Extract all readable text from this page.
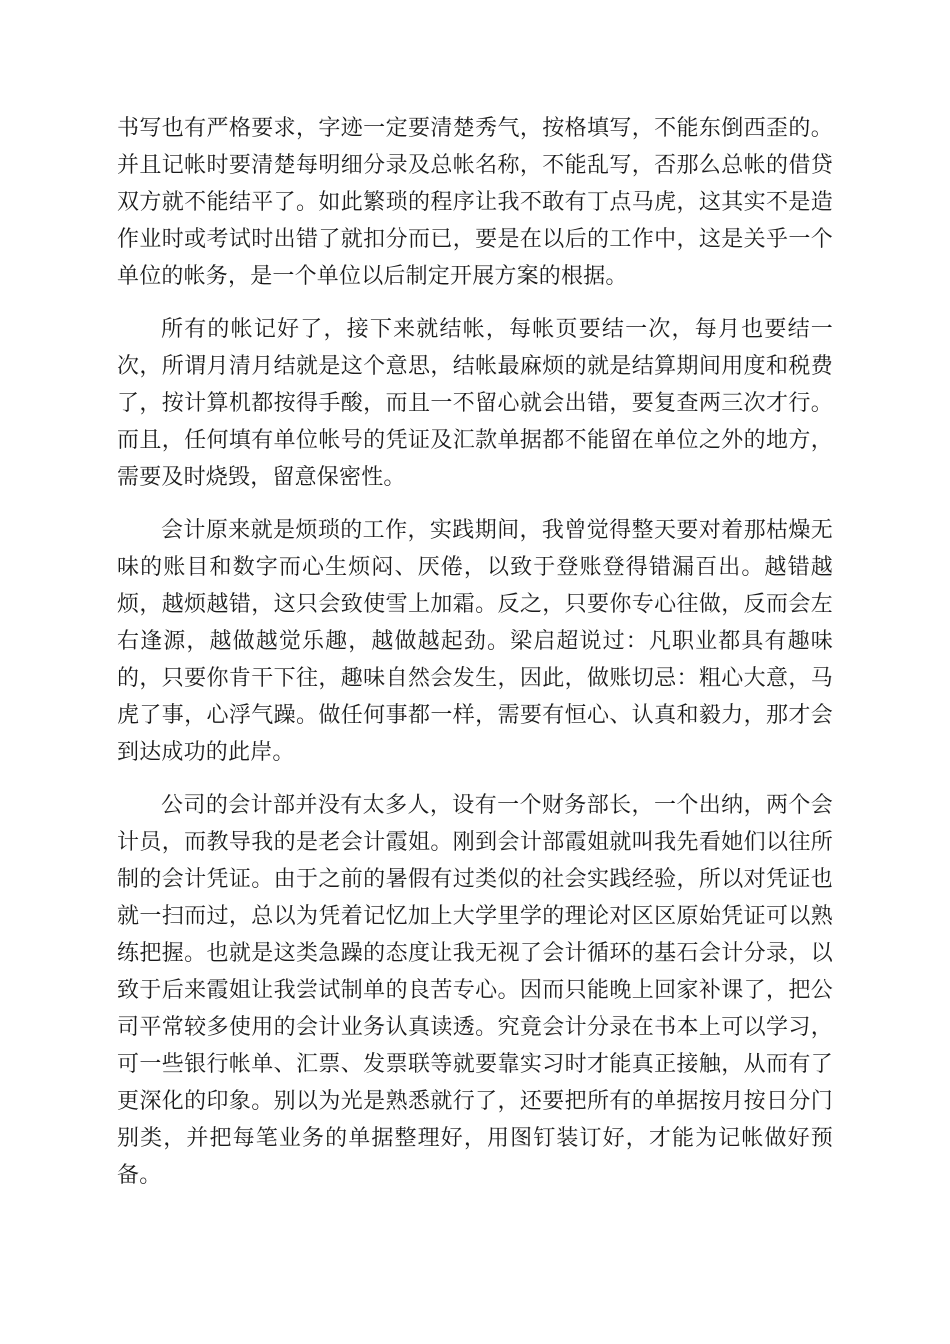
书写也有严格要求，字迹一定要清楚秀气，按格填写，不能东倒西歪的。并且记帐时要清楚每明细分录及总帐名称，不能乱写，否那么总帐的借贷双方就不能结平了。如此繁琐的程序让我不敢有丁点马虎，这其实不是造作业时或考试时出错了就扣分而已，要是在以后的工作中，这是关乎一个单位的帐务，是一个单位以后制定开展方案的根据。

所有的帐记好了，接下来就结帐，每帐页要结一次，每月也要结一次，所谓月清月结就是这个意思，结帐最麻烦的就是结算期间用度和税费了，按计算机都按得手酸，而且一不留心就会出错，要复查两三次才行。而且，任何填有单位帐号的凭证及汇款单据都不能留在单位之外的地方，需要及时烧毁，留意保密性。

会计原来就是烦琐的工作，实践期间，我曾觉得整天要对着那枯燥无味的账目和数字而心生烦闷、厌倦，以致于登账登得错漏百出。越错越烦，越烦越错，这只会致使雪上加霜。反之，只要你专心往做，反而会左右逢源，越做越觉乐趣，越做越起劲。梁启超说过：凡职业都具有趣味的，只要你肯干下往，趣味自然会发生，因此，做账切忌：粗心大意，马虎了事，心浮气躁。做任何事都一样，需要有恒心、认真和毅力，那才会到达成功的此岸。

公司的会计部并没有太多人，设有一个财务部长，一个出纳，两个会计员，而教导我的是老会计霞姐。刚到会计部霞姐就叫我先看她们以往所制的会计凭证。由于之前的暑假有过类似的社会实践经验，所以对凭证也就一扫而过，总以为凭着记忆加上大学里学的理论对区区原始凭证可以熟练把握。也就是这类急躁的态度让我无视了会计循环的基石会计分录，以致于后来霞姐让我尝试制单的良苦专心。因而只能晚上回家补课了，把公司平常较多使用的会计业务认真读透。究竟会计分录在书本上可以学习，可一些银行帐单、汇票、发票联等就要靠实习时才能真正接触，从而有了更深化的印象。别以为光是熟悉就行了，还要把所有的单据按月按日分门别类，并把每笔业务的单据整理好，用图钉装订好，才能为记帐做好预备。
